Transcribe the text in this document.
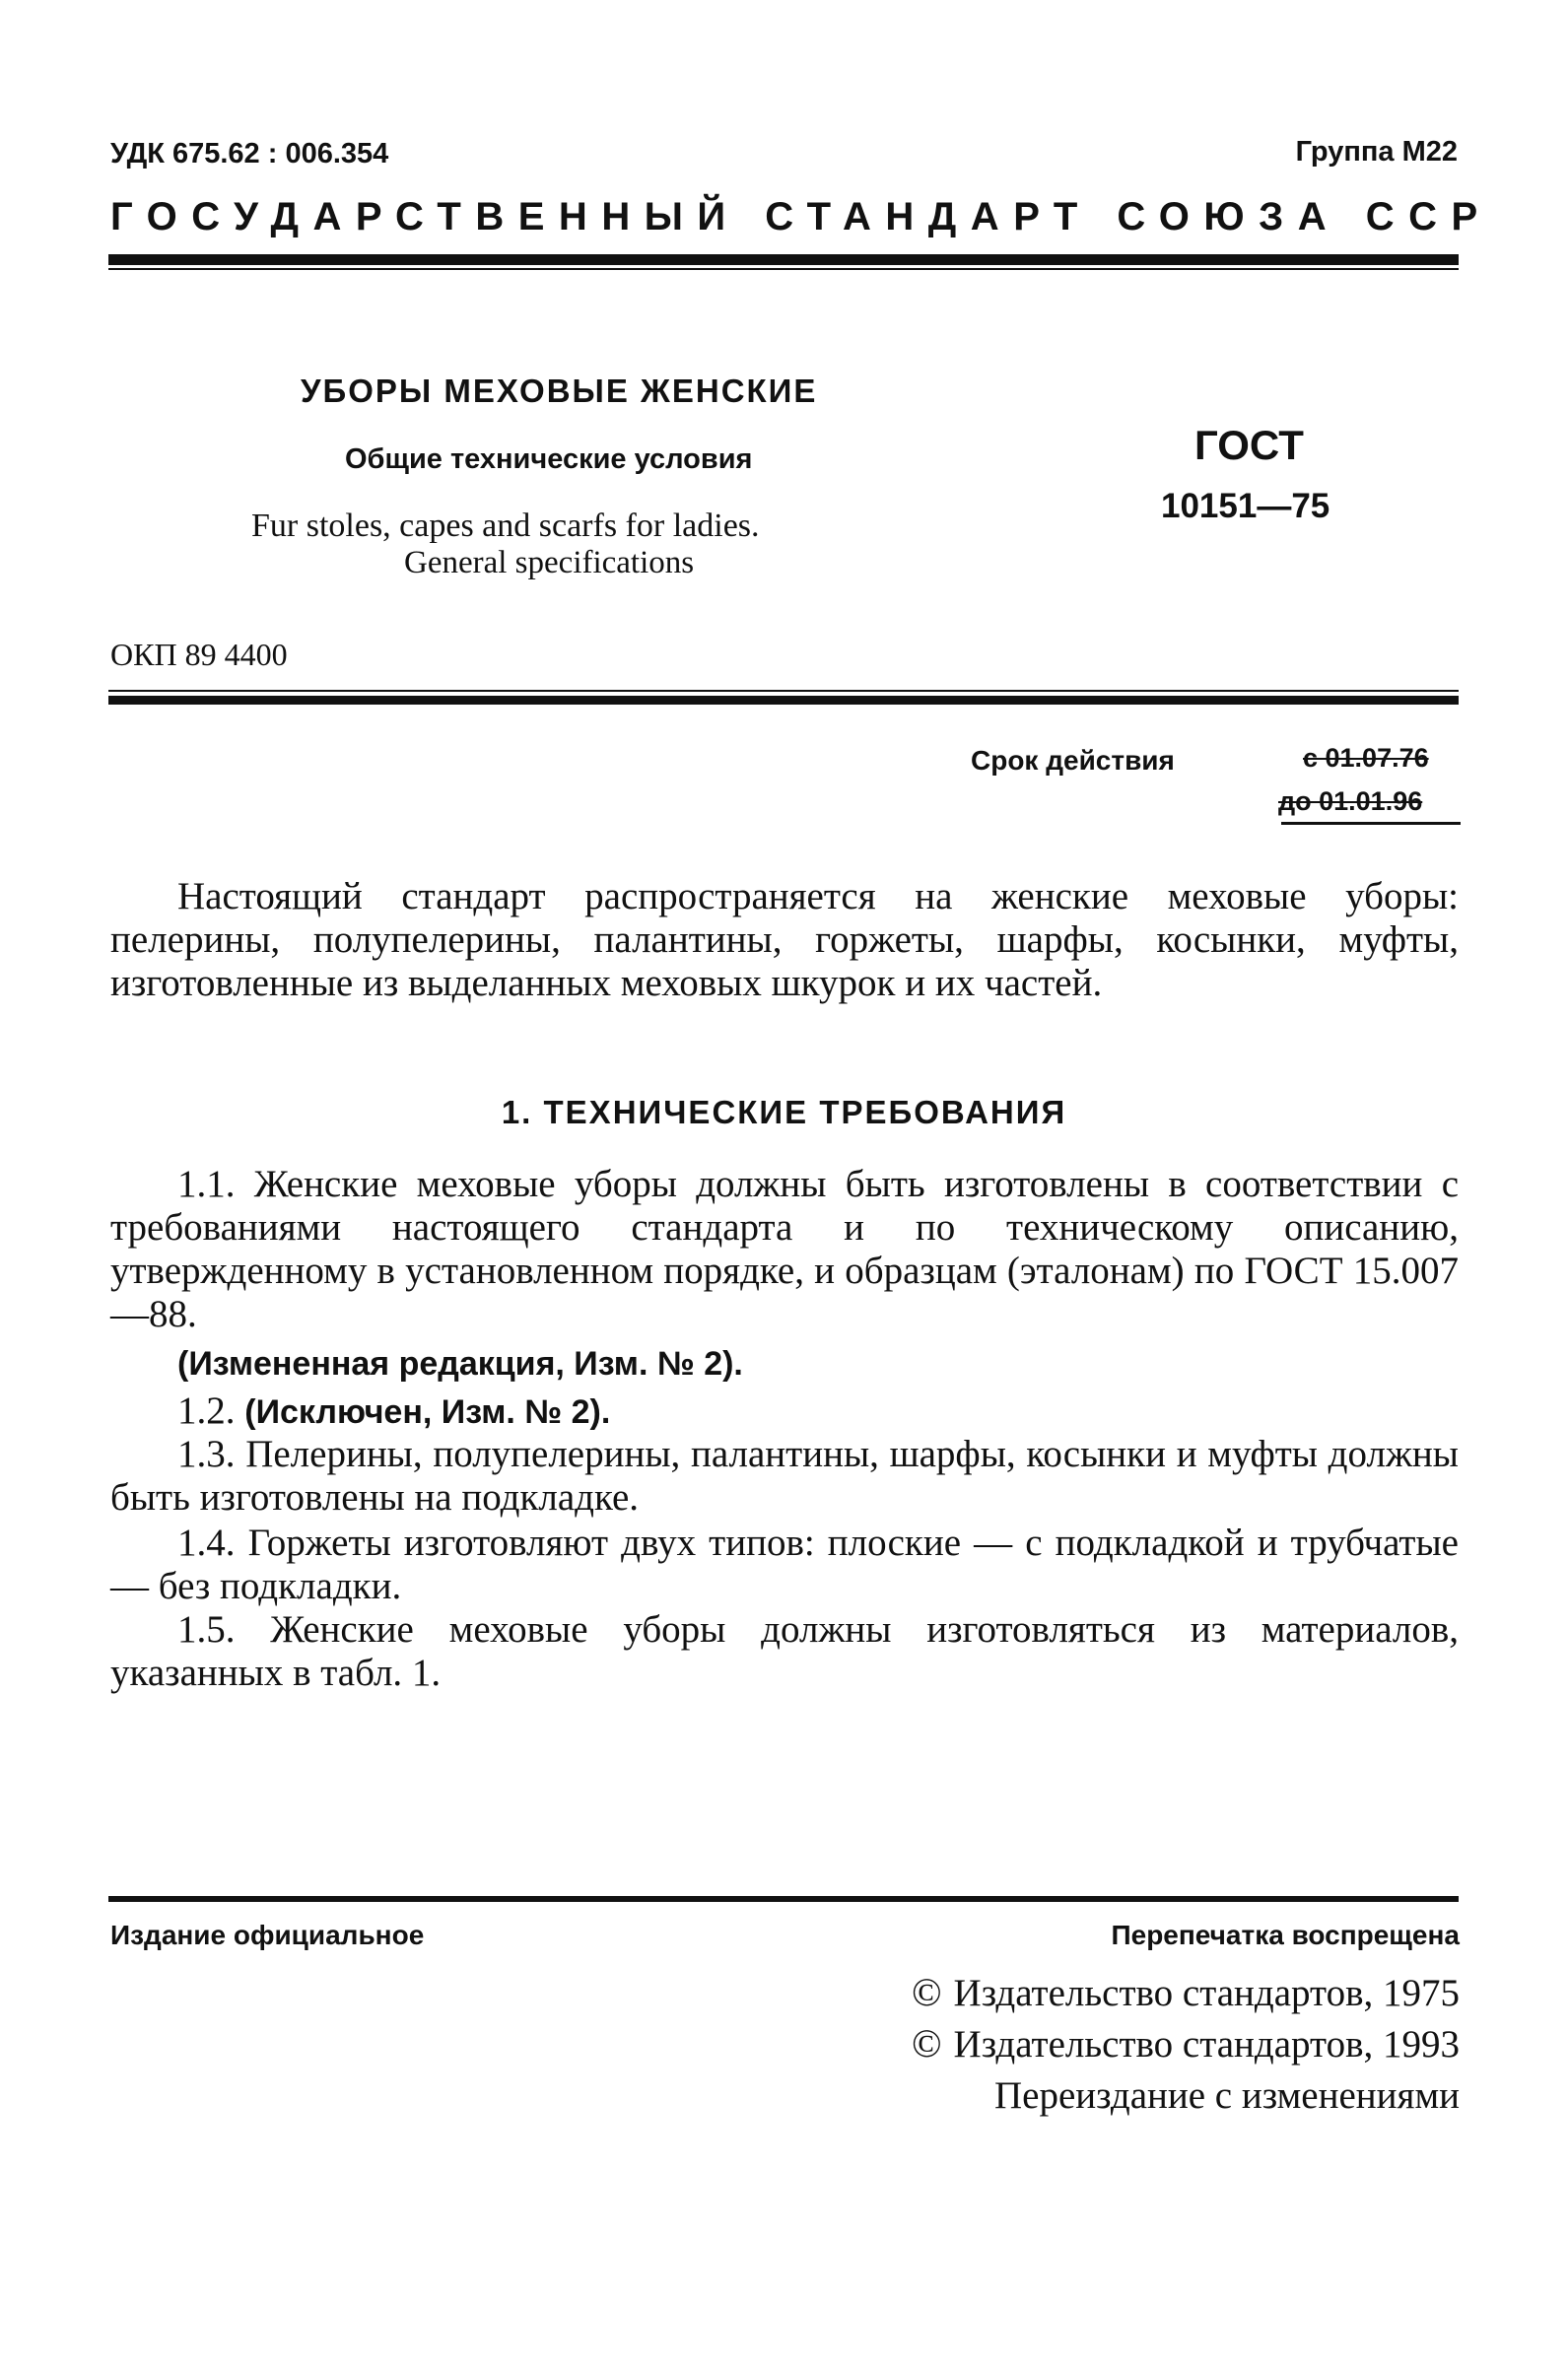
УДК 675.62 : 006.354	Группа М22
ГОСУДАРСТВЕННЫЙ СТАНДАРТ СОЮЗА ССР
УБОРЫ МЕХОВЫЕ ЖЕНСКИЕ
Общие технические условия
Fur stoles, capes and scarfs for ladies.
General specifications
ГОСТ
10151—75
ОКП 89 4400
Срок действия	с 01.07.76
до 01.01.96
Настоящий стандарт распространяется на женские меховые уборы: пелерины, полупелерины, палантины, горжеты, шарфы, косынки, муфты, изготовленные из выделанных меховых шкурок и их частей.
1. ТЕХНИЧЕСКИЕ ТРЕБОВАНИЯ
1.1. Женские меховые уборы должны быть изготовлены в соответствии с требованиями настоящего стандарта и по техническому описанию, утвержденному в установленном порядке, и образцам (эталонам) по ГОСТ 15.007—88.
(Измененная редакция, Изм. № 2).
1.2. (Исключен, Изм. № 2).
1.3. Пелерины, полупелерины, палантины, шарфы, косынки и муфты должны быть изготовлены на подкладке.
1.4. Горжеты изготовляют двух типов: плоские — с подкладкой и трубчатые — без подкладки.
1.5. Женские меховые уборы должны изготовляться из материалов, указанных в табл. 1.
Издание официальное	Перепечатка воспрещена
© Издательство стандартов, 1975
© Издательство стандартов, 1993
Переиздание с изменениями
